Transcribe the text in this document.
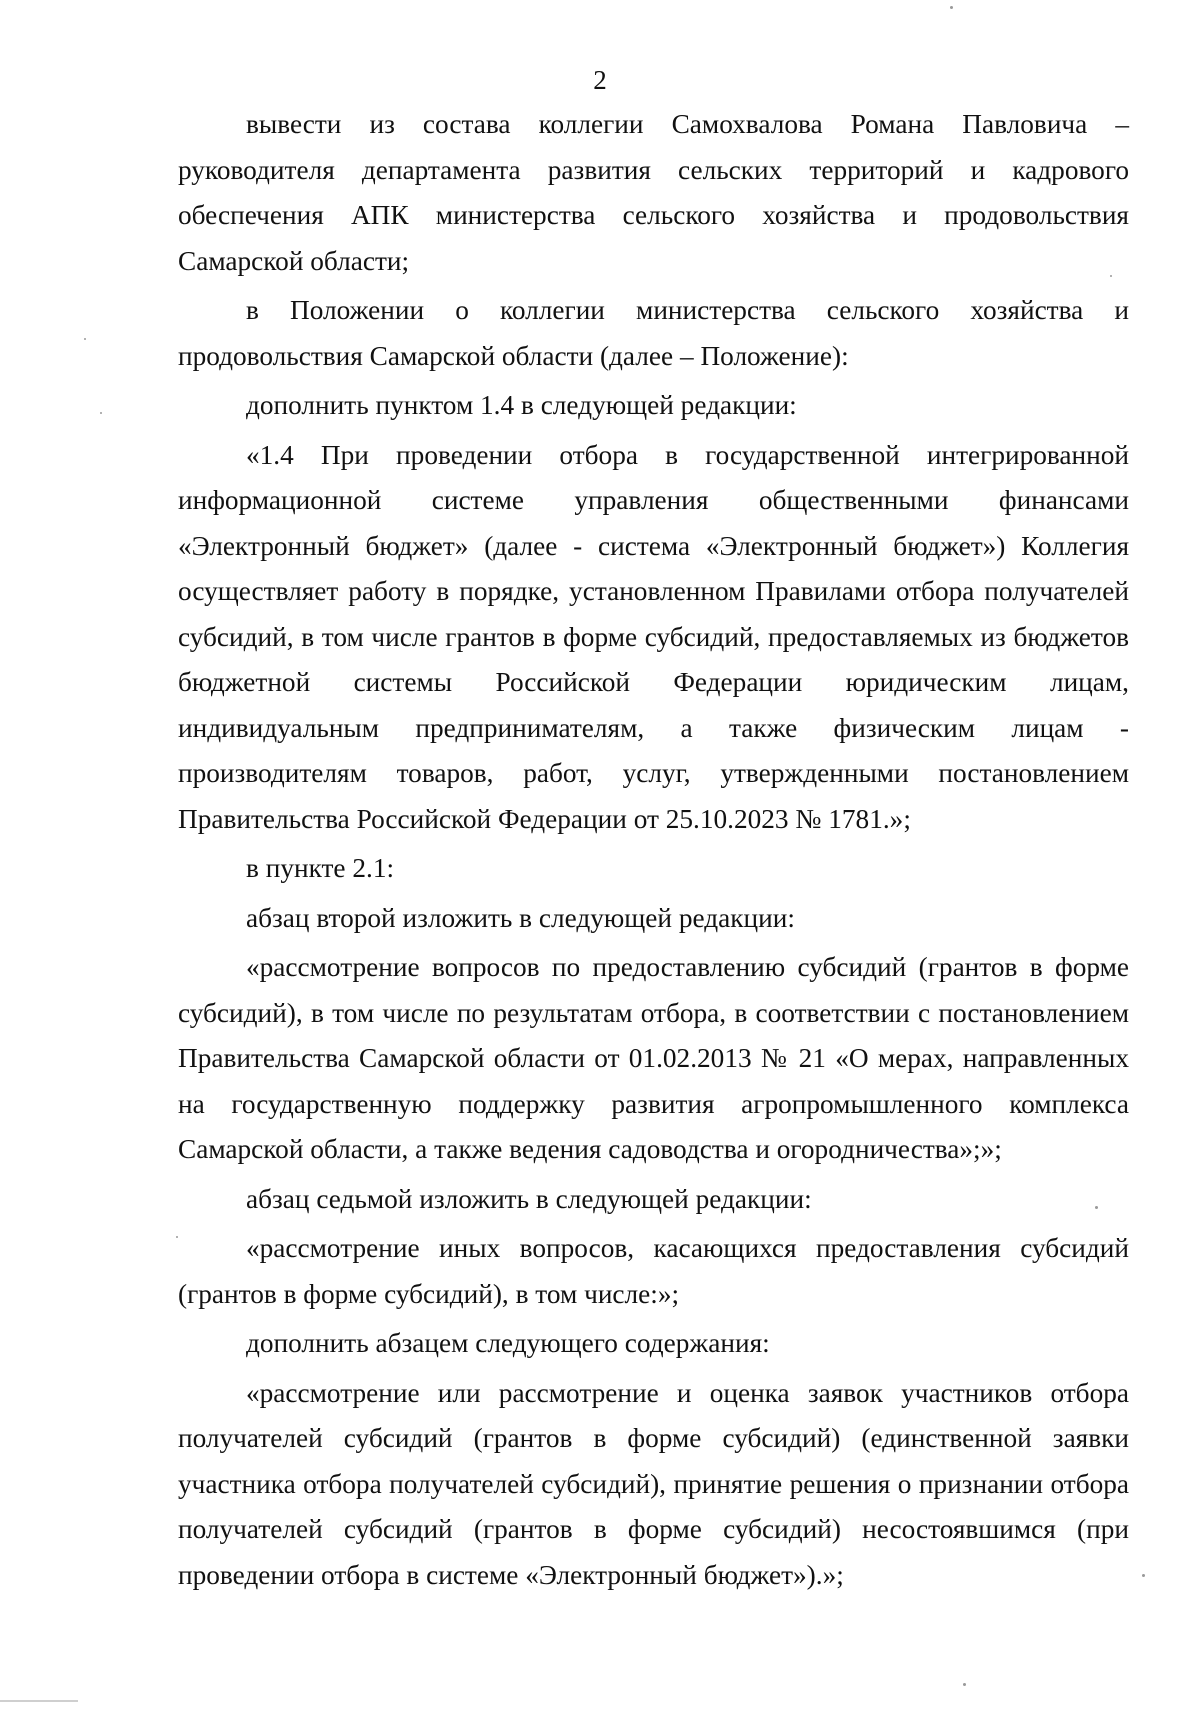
2

вывести из состава коллегии Самохвалова Романа Павловича – руководителя департамента развития сельских территорий и кадрового обеспечения АПК министерства сельского хозяйства и продовольствия Самарской области;

в Положении о коллегии министерства сельского хозяйства и продовольствия Самарской области (далее – Положение):

дополнить пунктом 1.4 в следующей редакции:

«1.4 При проведении отбора в государственной интегрированной информационной системе управления общественными финансами «Электронный бюджет» (далее - система «Электронный бюджет») Коллегия осуществляет работу в порядке, установленном Правилами отбора получателей субсидий, в том числе грантов в форме субсидий, предоставляемых из бюджетов бюджетной системы Российской Федерации юридическим лицам, индивидуальным предпринимателям, а также физическим лицам - производителям товаров, работ, услуг, утвержденными постановлением Правительства Российской Федерации от 25.10.2023 № 1781.»;

в пункте 2.1:

абзац второй изложить в следующей редакции:

«рассмотрение вопросов по предоставлению субсидий (грантов в форме субсидий), в том числе по результатам отбора, в соответствии с постановлением Правительства Самарской области от 01.02.2013 № 21 «О мерах, направленных на государственную поддержку развития агропромышленного комплекса Самарской области, а также ведения садоводства и огородничества»;»;

абзац седьмой изложить в следующей редакции:

«рассмотрение иных вопросов, касающихся предоставления субсидий (грантов в форме субсидий), в том числе:»;

дополнить абзацем следующего содержания:

«рассмотрение или рассмотрение и оценка заявок участников отбора получателей субсидий (грантов в форме субсидий) (единственной заявки участника отбора получателей субсидий), принятие решения о признании отбора получателей субсидий (грантов в форме субсидий) несостоявшимся (при проведении отбора в системе «Электронный бюджет»).»;
